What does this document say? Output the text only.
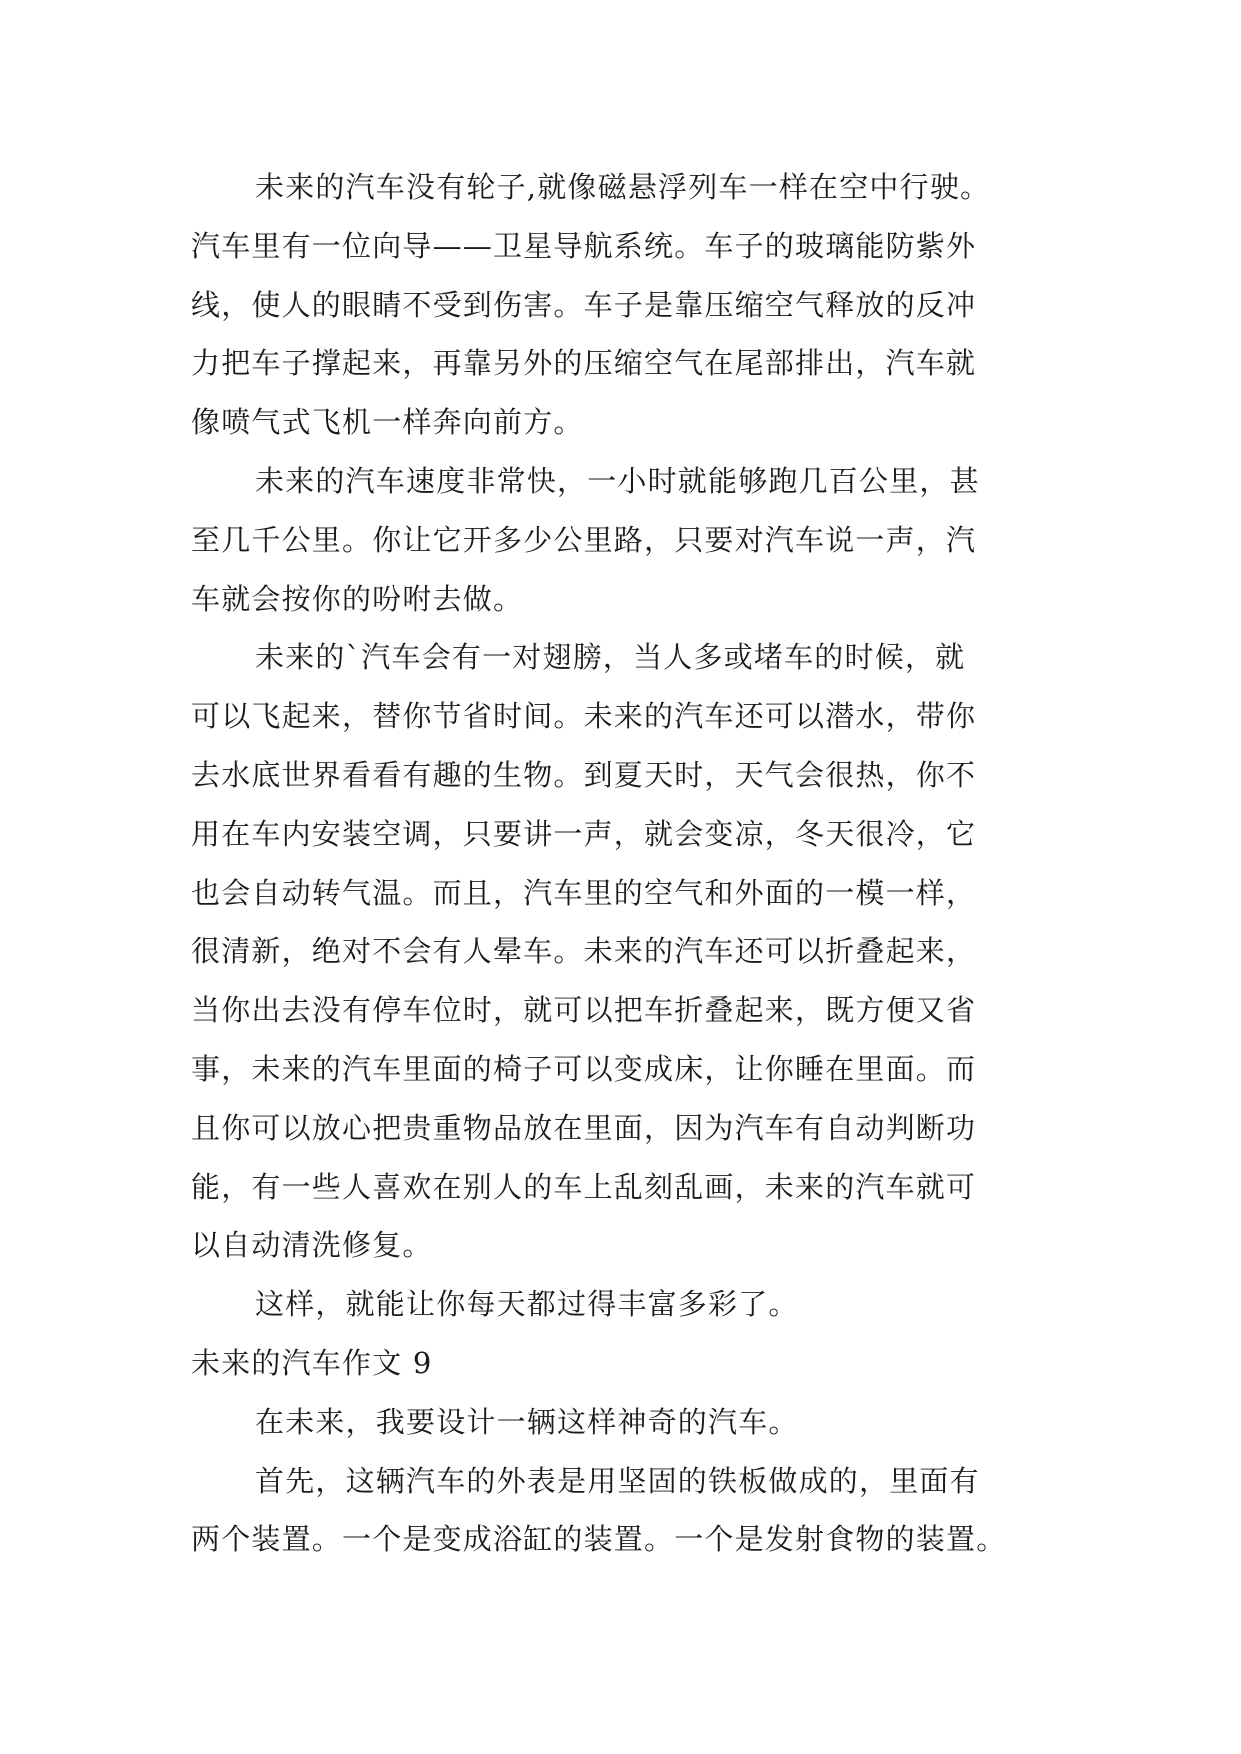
未来的汽车没有轮子,就像磁悬浮列车一样在空中行驶。
汽车里有一位向导——卫星导航系统。车子的玻璃能防紫外
线，使人的眼睛不受到伤害。车子是靠压缩空气释放的反冲
力把车子撑起来，再靠另外的压缩空气在尾部排出，汽车就
像喷气式飞机一样奔向前方。
未来的汽车速度非常快，一小时就能够跑几百公里，甚
至几千公里。你让它开多少公里路，只要对汽车说一声，汽
车就会按你的吩咐去做。
未来的`汽车会有一对翅膀，当人多或堵车的时候，就
可以飞起来，替你节省时间。未来的汽车还可以潜水，带你
去水底世界看看有趣的生物。到夏天时，天气会很热，你不
用在车内安装空调，只要讲一声，就会变凉，冬天很冷，它
也会自动转气温。而且，汽车里的空气和外面的一模一样，
很清新，绝对不会有人晕车。未来的汽车还可以折叠起来，
当你出去没有停车位时，就可以把车折叠起来，既方便又省
事，未来的汽车里面的椅子可以变成床，让你睡在里面。而
且你可以放心把贵重物品放在里面，因为汽车有自动判断功
能，有一些人喜欢在别人的车上乱刻乱画，未来的汽车就可
以自动清洗修复。
这样，就能让你每天都过得丰富多彩了。
未来的汽车作文 9
在未来，我要设计一辆这样神奇的汽车。
首先，这辆汽车的外表是用坚固的铁板做成的，里面有
两个装置。一个是变成浴缸的装置。一个是发射食物的装置。
